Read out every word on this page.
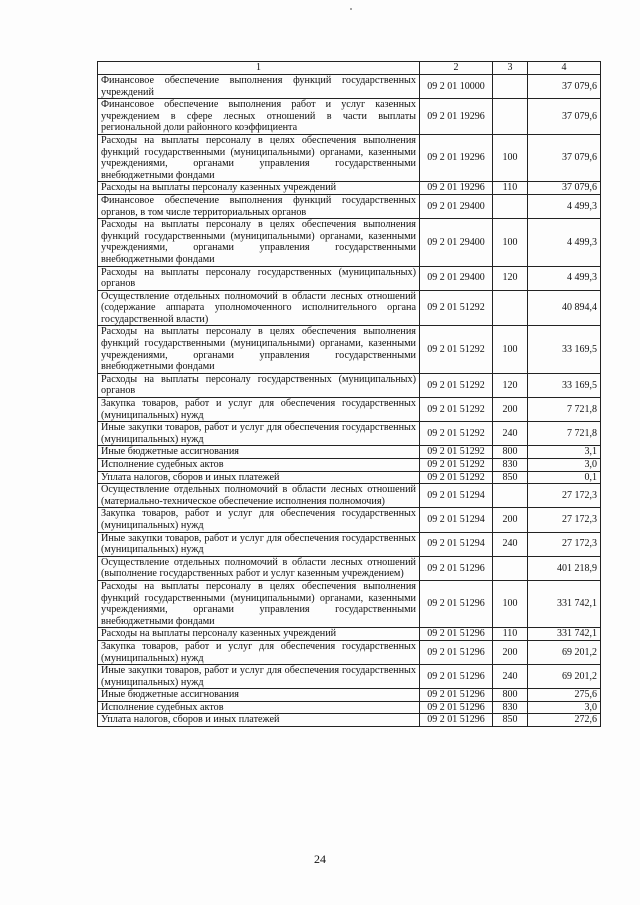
1	2	3	4
Финансовое обеспечение выполнения функций государственных учреждений	09 2 01 10000		37 079,6
Финансовое обеспечение выполнения работ и услуг казенных учреждением в сфере лесных отношений в части выплаты региональной доли районного коэффициента	09 2 01 19296		37 079,6
Расходы на выплаты персоналу в целях обеспечения выполнения функций государственными (муниципальными) органами, казенными учреждениями, органами управления государственными внебюджетными фондами	09 2 01 19296	100	37 079,6
Расходы на выплаты персоналу казенных учреждений	09 2 01 19296	110	37 079,6
Финансовое обеспечение выполнения функций государственных органов, в том числе территориальных органов	09 2 01 29400		4 499,3
Расходы на выплаты персоналу в целях обеспечения выполнения функций государственными (муниципальными) органами, казенными учреждениями, органами управления государственными внебюджетными фондами	09 2 01 29400	100	4 499,3
Расходы на выплаты персоналу государственных (муниципальных) органов	09 2 01 29400	120	4 499,3
Осуществление отдельных полномочий в области лесных отношений (содержание аппарата уполномоченного исполнительного органа государственной власти)	09 2 01 51292		40 894,4
Расходы на выплаты персоналу в целях обеспечения выполнения функций государственными (муниципальными) органами, казенными учреждениями, органами управления государственными внебюджетными фондами	09 2 01 51292	100	33 169,5
Расходы на выплаты персоналу государственных (муниципальных) органов	09 2 01 51292	120	33 169,5
Закупка товаров, работ и услуг для обеспечения государственных (муниципальных) нужд	09 2 01 51292	200	7 721,8
Иные закупки товаров, работ и услуг для обеспечения государственных (муниципальных) нужд	09 2 01 51292	240	7 721,8
Иные бюджетные ассигнования	09 2 01 51292	800	3,1
Исполнение судебных актов	09 2 01 51292	830	3,0
Уплата налогов, сборов и иных платежей	09 2 01 51292	850	0,1
Осуществление отдельных полномочий в области лесных отношений (материально-техническое обеспечение исполнения полномочия)	09 2 01 51294		27 172,3
Закупка товаров, работ и услуг для обеспечения государственных (муниципальных) нужд	09 2 01 51294	200	27 172,3
Иные закупки товаров, работ и услуг для обеспечения государственных (муниципальных) нужд	09 2 01 51294	240	27 172,3
Осуществление отдельных полномочий в области лесных отношений (выполнение государственных работ и услуг казенным учреждением)	09 2 01 51296		401 218,9
Расходы на выплаты персоналу в целях обеспечения выполнения функций государственными (муниципальными) органами, казенными учреждениями, органами управления государственными внебюджетными фондами	09 2 01 51296	100	331 742,1
Расходы на выплаты персоналу казенных учреждений	09 2 01 51296	110	331 742,1
Закупка товаров, работ и услуг для обеспечения государственных (муниципальных) нужд	09 2 01 51296	200	69 201,2
Иные закупки товаров, работ и услуг для обеспечения государственных (муниципальных) нужд	09 2 01 51296	240	69 201,2
Иные бюджетные ассигнования	09 2 01 51296	800	275,6
Исполнение судебных актов	09 2 01 51296	830	3,0
Уплата налогов, сборов и иных платежей	09 2 01 51296	850	272,6
24
